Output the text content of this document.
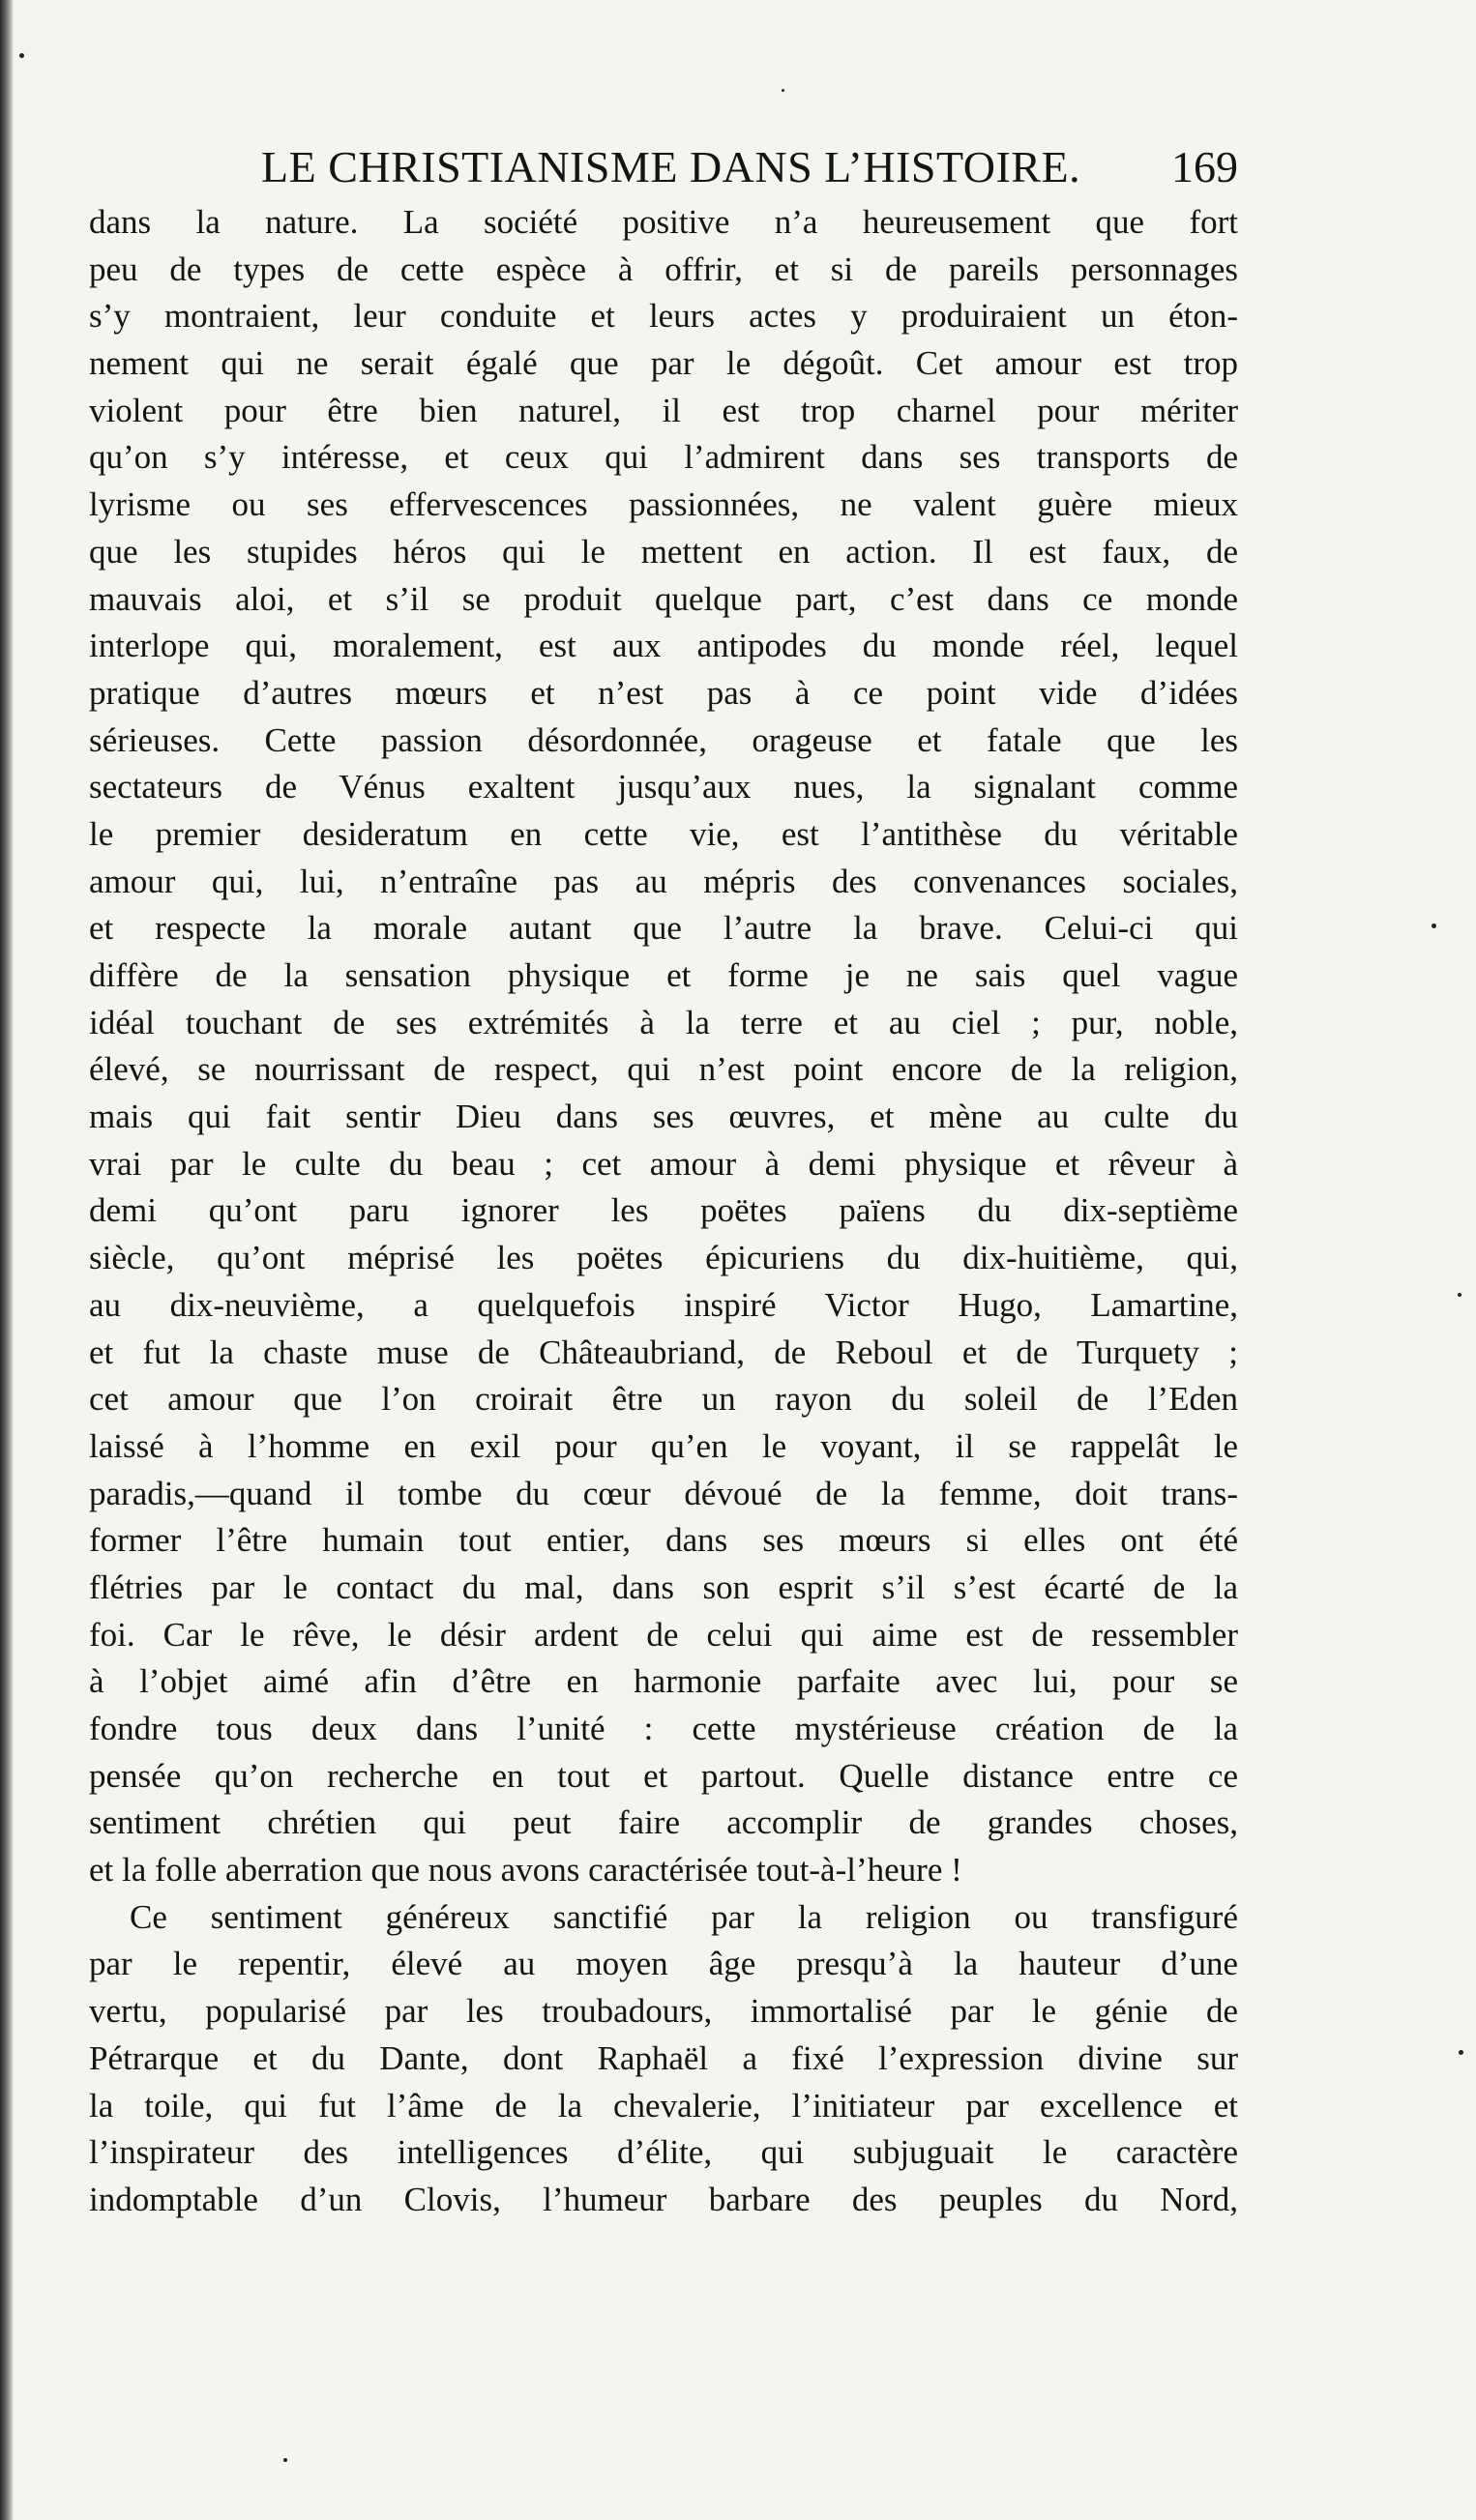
LE CHRISTIANISME DANS L’HISTOIRE. 169
dans la nature. La société positive n’a heureusement que fort
peu de types de cette espèce à offrir, et si de pareils personnages
s’y montraient, leur conduite et leurs actes y produiraient un éton-
nement qui ne serait égalé que par le dégoût. Cet amour est trop
violent pour être bien naturel, il est trop charnel pour mériter
qu’on s’y intéresse, et ceux qui l’admirent dans ses transports de
lyrisme ou ses effervescences passionnées, ne valent guère mieux
que les stupides héros qui le mettent en action. Il est faux, de
mauvais aloi, et s’il se produit quelque part, c’est dans ce monde
interlope qui, moralement, est aux antipodes du monde réel, lequel
pratique d’autres mœurs et n’est pas à ce point vide d’idées
sérieuses. Cette passion désordonnée, orageuse et fatale que les
sectateurs de Vénus exaltent jusqu’aux nues, la signalant comme
le premier desideratum en cette vie, est l’antithèse du véritable
amour qui, lui, n’entraîne pas au mépris des convenances sociales,
et respecte la morale autant que l’autre la brave. Celui-ci qui
diffère de la sensation physique et forme je ne sais quel vague
idéal touchant de ses extrémités à la terre et au ciel ; pur, noble,
élevé, se nourrissant de respect, qui n’est point encore de la religion,
mais qui fait sentir Dieu dans ses œuvres, et mène au culte du
vrai par le culte du beau ; cet amour à demi physique et rêveur à
demi qu’ont paru ignorer les poëtes païens du dix-septième
siècle, qu’ont méprisé les poëtes épicuriens du dix-huitième, qui,
au dix-neuvième, a quelquefois inspiré Victor Hugo, Lamartine,
et fut la chaste muse de Châteaubriand, de Reboul et de Turquety ;
cet amour que l’on croirait être un rayon du soleil de l’Eden
laissé à l’homme en exil pour qu’en le voyant, il se rappelât le
paradis,—quand il tombe du cœur dévoué de la femme, doit trans-
former l’être humain tout entier, dans ses mœurs si elles ont été
flétries par le contact du mal, dans son esprit s’il s’est écarté de la
foi. Car le rêve, le désir ardent de celui qui aime est de ressembler
à l’objet aimé afin d’être en harmonie parfaite avec lui, pour se
fondre tous deux dans l’unité : cette mystérieuse création de la
pensée qu’on recherche en tout et partout. Quelle distance entre ce
sentiment chrétien qui peut faire accomplir de grandes choses,
et la folle aberration que nous avons caractérisée tout-à-l’heure !
Ce sentiment généreux sanctifié par la religion ou transfiguré
par le repentir, élevé au moyen âge presqu’à la hauteur d’une
vertu, popularisé par les troubadours, immortalisé par le génie de
Pétrarque et du Dante, dont Raphaël a fixé l’expression divine sur
la toile, qui fut l’âme de la chevalerie, l’initiateur par excellence et
l’inspirateur des intelligences d’élite, qui subjuguait le caractère
indomptable d’un Clovis, l’humeur barbare des peuples du Nord,
